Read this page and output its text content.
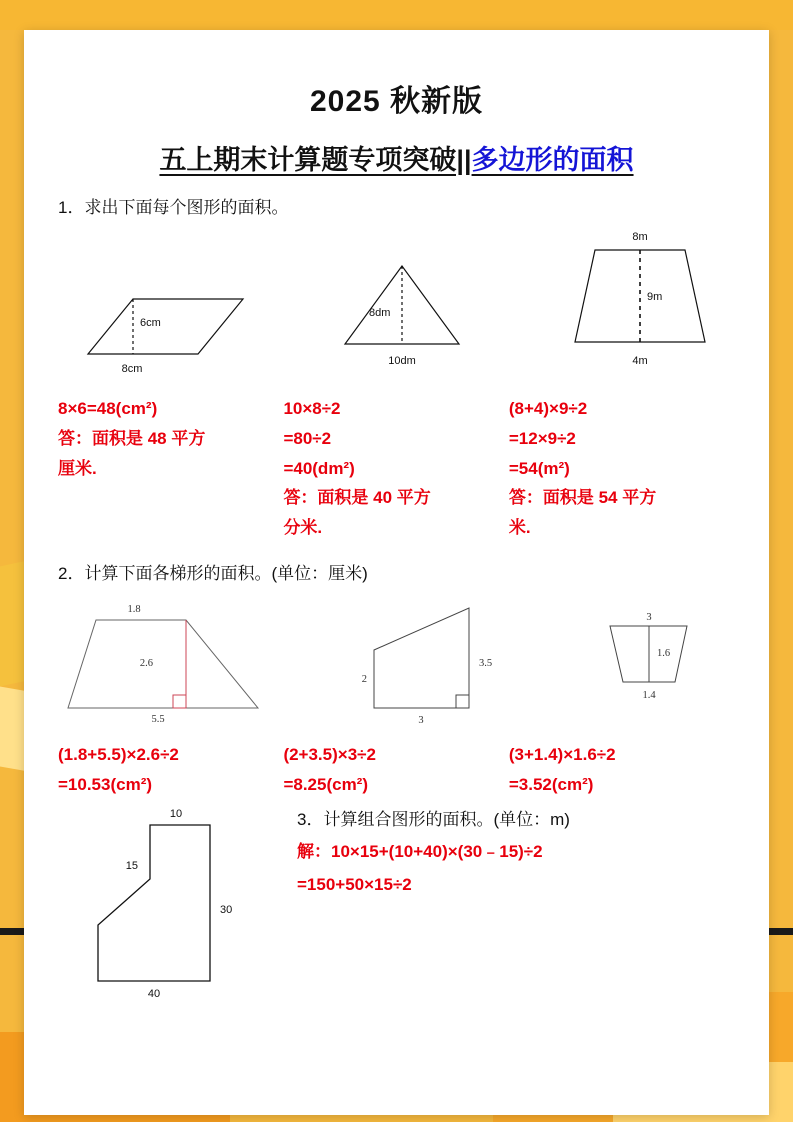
2025 秋新版
五上期末计算题专项突破||多边形的面积
1．求出下面每个图形的面积。
6cm
8cm
8dm
10dm
8m
9m
4m
8×6=48(cm²)
答：面积是 48 平方
厘米.
10×8÷2
=80÷2
=40(dm²)
答：面积是 40 平方
分米.
(8+4)×9÷2
=12×9÷2
=54(m²)
答：面积是 54 平方
米.
2．计算下面各梯形的面积。(单位：厘米)
1.8
2.6
5.5
2
3.5
3
3
1.6
1.4
(1.8+5.5)×2.6÷2
=10.53(cm²)
(2+3.5)×3÷2
=8.25(cm²)
(3+1.4)×1.6÷2
=3.52(cm²)
10
15
30
40
3．计算组合图形的面积。(单位：m)
解：10×15+(10+40)×(30﹣15)÷2
=150+50×15÷2
